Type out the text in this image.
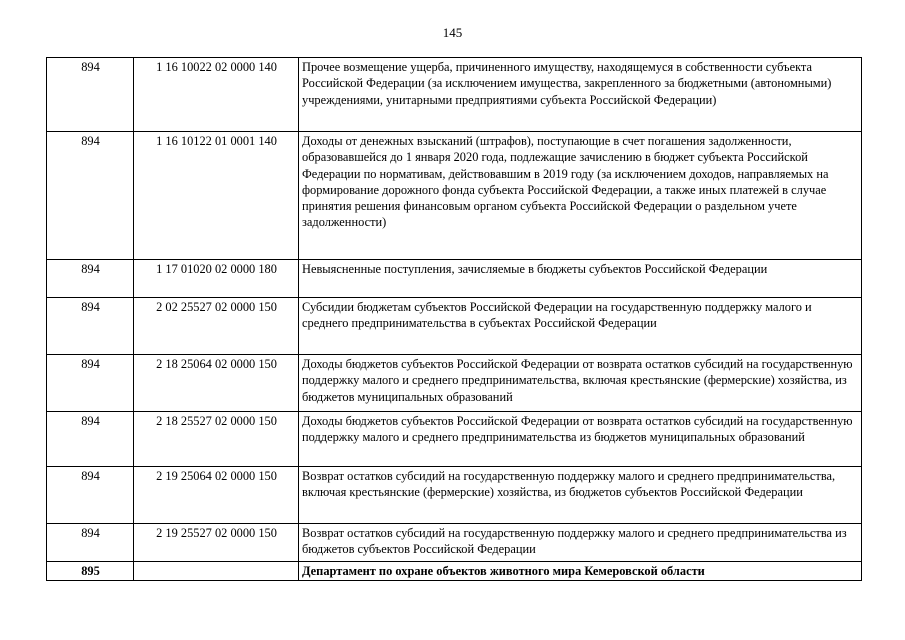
145
894	1 16 10022 02 0000 140	Прочее возмещение ущерба, причиненного имуществу, находящемуся в собственности субъекта Российской Федерации (за исключением имущества, закрепленного за бюджетными (автономными) учреждениями, унитарными предприятиями субъекта Российской Федерации)
894	1 16 10122 01 0001 140	Доходы от денежных взысканий (штрафов), поступающие в счет погашения задолженности, образовавшейся до 1 января 2020 года, подлежащие зачислению в бюджет субъекта Российской Федерации по нормативам, действовавшим в 2019 году (за исключением доходов, направляемых на формирование дорожного фонда субъекта Российской Федерации, а также иных платежей в случае принятия решения финансовым органом субъекта Российской Федерации о раздельном учете задолженности)
894	1 17 01020 02 0000 180	Невыясненные поступления, зачисляемые в бюджеты субъектов Российской Федерации
894	2 02 25527 02 0000 150	Субсидии бюджетам субъектов Российской Федерации на государственную поддержку малого и среднего предпринимательства в субъектах Российской Федерации
894	2 18 25064 02 0000 150	Доходы бюджетов субъектов Российской Федерации от возврата остатков субсидий на государственную поддержку малого и среднего предпринимательства, включая крестьянские (фермерские) хозяйства, из бюджетов муниципальных образований
894	2 18 25527 02 0000 150	Доходы бюджетов субъектов Российской Федерации от возврата остатков субсидий на государственную поддержку малого и среднего предпринимательства из бюджетов муниципальных образований
894	2 19 25064 02 0000 150	Возврат остатков субсидий на государственную поддержку малого и среднего предпринимательства, включая крестьянские (фермерские) хозяйства, из бюджетов субъектов Российской Федерации
894	2 19 25527 02 0000 150	Возврат остатков субсидий на государственную поддержку малого и среднего предпринимательства из бюджетов субъектов Российской Федерации
895		Департамент по охране объектов животного мира Кемеровской области
